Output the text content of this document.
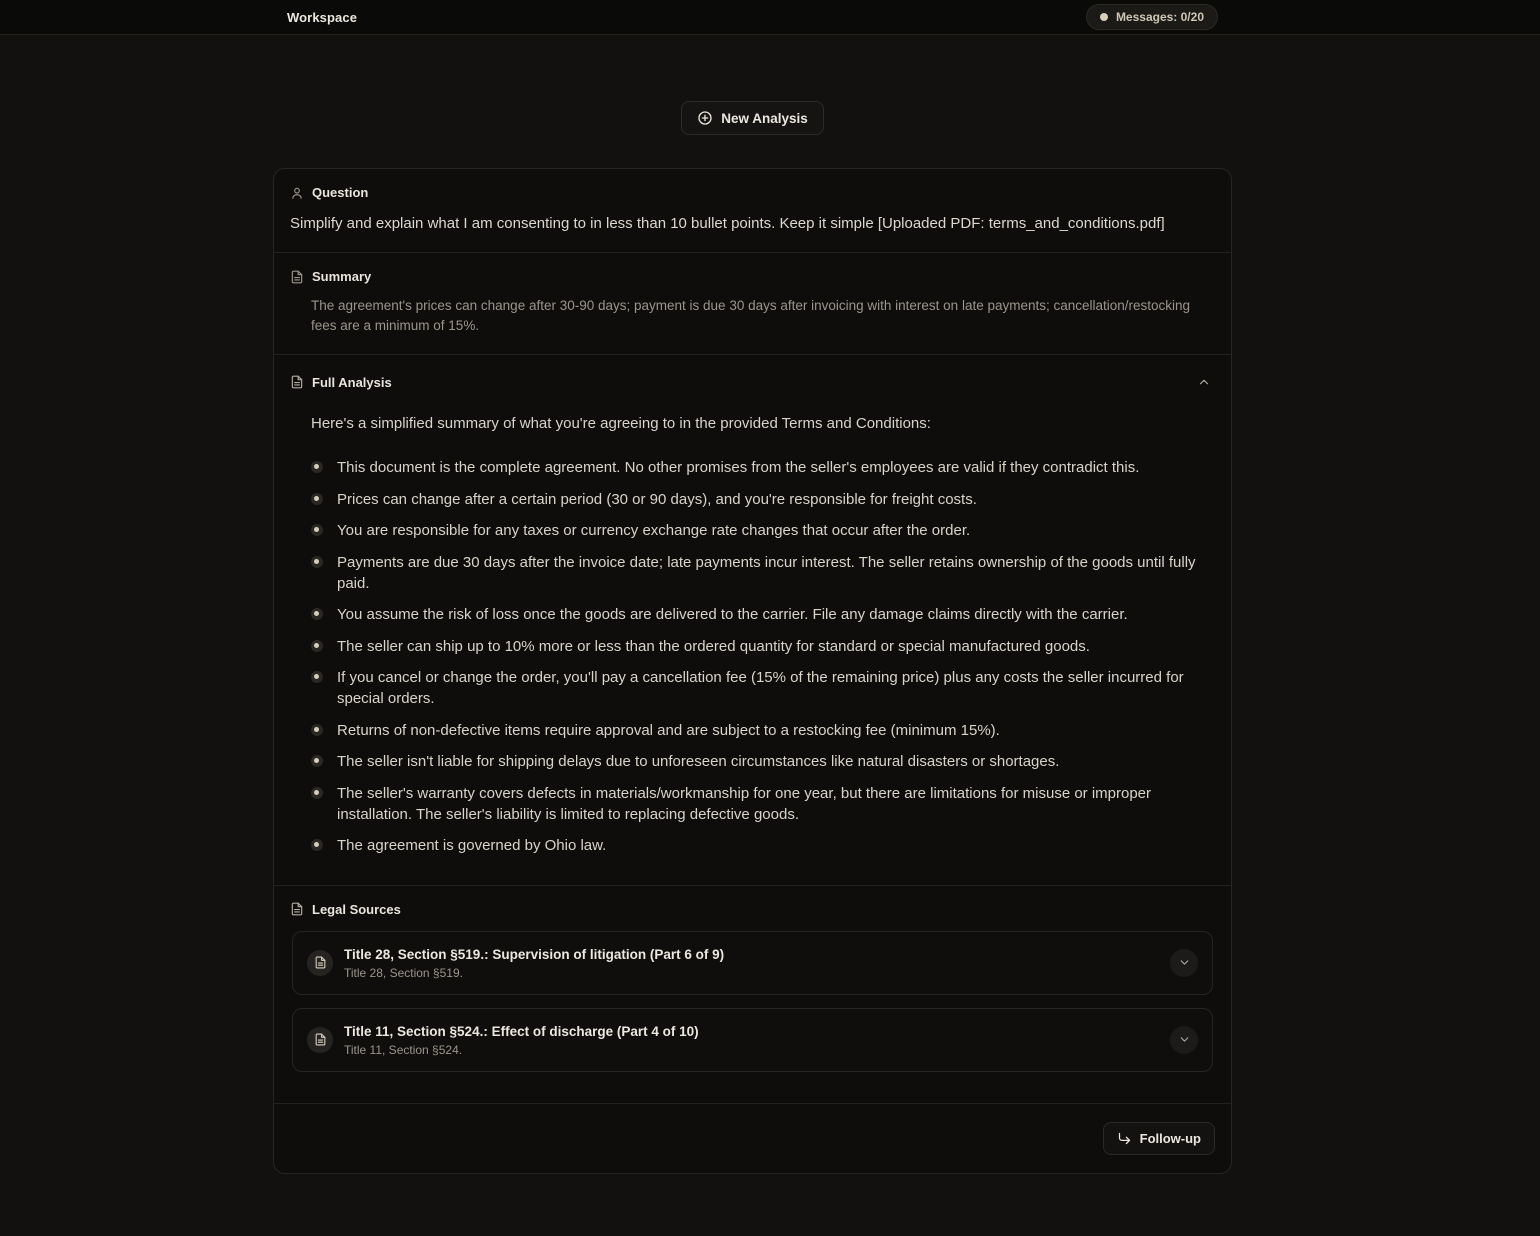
Workspace	Messages: 0/20
New Analysis
Question
Simplify and explain what I am consenting to in less than 10 bullet points. Keep it simple [Uploaded PDF: terms_and_conditions.pdf]
Summary
The agreement's prices can change after 30-90 days; payment is due 30 days after invoicing with interest on late payments; cancellation/restocking fees are a minimum of 15%.
Full Analysis
Here's a simplified summary of what you're agreeing to in the provided Terms and Conditions:
This document is the complete agreement. No other promises from the seller's employees are valid if they contradict this.
Prices can change after a certain period (30 or 90 days), and you're responsible for freight costs.
You are responsible for any taxes or currency exchange rate changes that occur after the order.
Payments are due 30 days after the invoice date; late payments incur interest. The seller retains ownership of the goods until fully paid.
You assume the risk of loss once the goods are delivered to the carrier. File any damage claims directly with the carrier.
The seller can ship up to 10% more or less than the ordered quantity for standard or special manufactured goods.
If you cancel or change the order, you'll pay a cancellation fee (15% of the remaining price) plus any costs the seller incurred for special orders.
Returns of non-defective items require approval and are subject to a restocking fee (minimum 15%).
The seller isn't liable for shipping delays due to unforeseen circumstances like natural disasters or shortages.
The seller's warranty covers defects in materials/workmanship for one year, but there are limitations for misuse or improper installation. The seller's liability is limited to replacing defective goods.
The agreement is governed by Ohio law.
Legal Sources
Title 28, Section §519.: Supervision of litigation (Part 6 of 9)
Title 28, Section §519.
Title 11, Section §524.: Effect of discharge (Part 4 of 10)
Title 11, Section §524.
Follow-up
